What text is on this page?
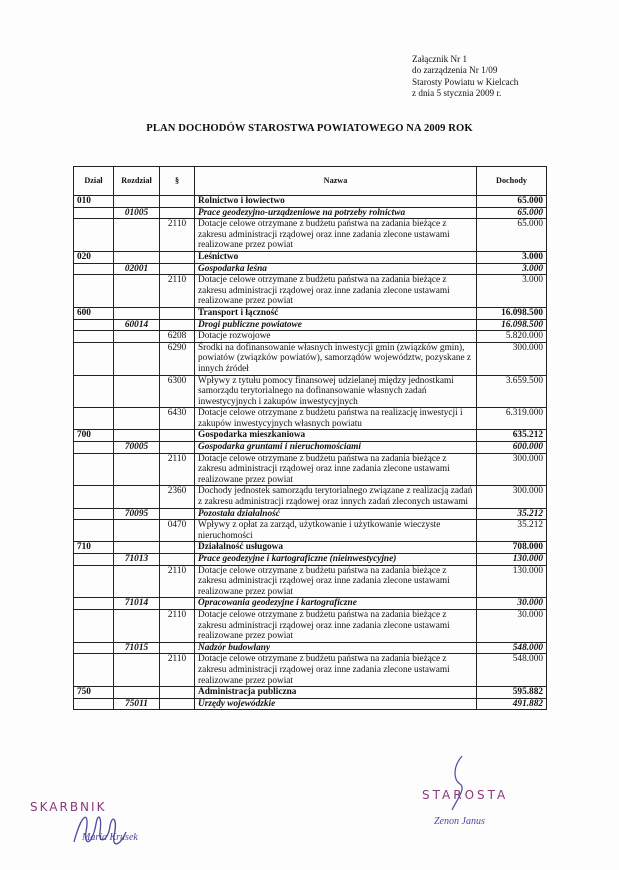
Załącznik Nr 1
do zarządzenia Nr 1/09
Starosty Powiatu w Kielcach
z dnia 5 stycznia 2009 r.
PLAN DOCHODÓW STAROSTWA POWIATOWEGO NA 2009 ROK
Dział	Rozdział	§	Nazwa	Dochody
010			Rolnictwo i łowiectwo	65.000
	01005		Prace geodezyjno-urządzeniowe na potrzeby rolnictwa	65.000
		2110	Dotacje celowe otrzymane z budżetu państwa na zadania bieżące z zakresu administracji rządowej oraz inne zadania zlecone ustawami realizowane przez powiat	65.000
020			Leśnictwo	3.000
	02001		Gospodarka leśna	3.000
		2110	Dotacje celowe otrzymane z budżetu państwa na zadania bieżące z zakresu administracji rządowej oraz inne zadania zlecone ustawami realizowane przez powiat	3.000
600			Transport i łączność	16.098.500
	60014		Drogi publiczne powiatowe	16.098.500
		6208	Dotacje rozwojowe	5.820.000
		6290	Środki na dofinansowanie własnych inwestycji gmin (związków gmin), powiatów (związków powiatów), samorządów województw, pozyskane z innych źródeł	300.000
		6300	Wpływy z tytułu pomocy finansowej udzielanej między jednostkami samorządu terytorialnego na dofinansowanie własnych zadań inwestycyjnych i zakupów inwestycyjnych	3.659.500
		6430	Dotacje celowe otrzymane z budżetu państwa na realizację inwestycji i zakupów inwestycyjnych własnych powiatu	6.319.000
700			Gospodarka mieszkaniowa	635.212
	70005		Gospodarka gruntami i nieruchomościami	600.000
		2110	Dotacje celowe otrzymane z budżetu państwa na zadania bieżące z zakresu administracji rządowej oraz inne zadania zlecone ustawami realizowane przez powiat	300.000
		2360	Dochody jednostek samorządu terytorialnego związane z realizacją zadań z zakresu administracji rządowej oraz innych zadań zleconych ustawami	300.000
	70095		Pozostała działalność	35.212
		0470	Wpływy z opłat za zarząd, użytkowanie i użytkowanie wieczyste nieruchomości	35.212
710			Działalność usługowa	708.000
	71013		Prace geodezyjne i kartograficzne (nieinwestycyjne)	130.000
		2110	Dotacje celowe otrzymane z budżetu państwa na zadania bieżące z zakresu administracji rządowej oraz inne zadania zlecone ustawami realizowane przez powiat	130.000
	71014		Opracowania geodezyjne i kartograficzne	30.000
		2110	Dotacje celowe otrzymane z budżetu państwa na zadania bieżące z zakresu administracji rządowej oraz inne zadania zlecone ustawami realizowane przez powiat	30.000
	71015		Nadzór budowlany	548.000
		2110	Dotacje celowe otrzymane z budżetu państwa na zadania bieżące z zakresu administracji rządowej oraz inne zadania zlecone ustawami realizowane przez powiat	548.000
750			Administracja publiczna	595.882
	75011		Urzędy wojewódzkie	491.882
SKARBNIK
Maria Krusek
STAROSTA
Zenon Janus
